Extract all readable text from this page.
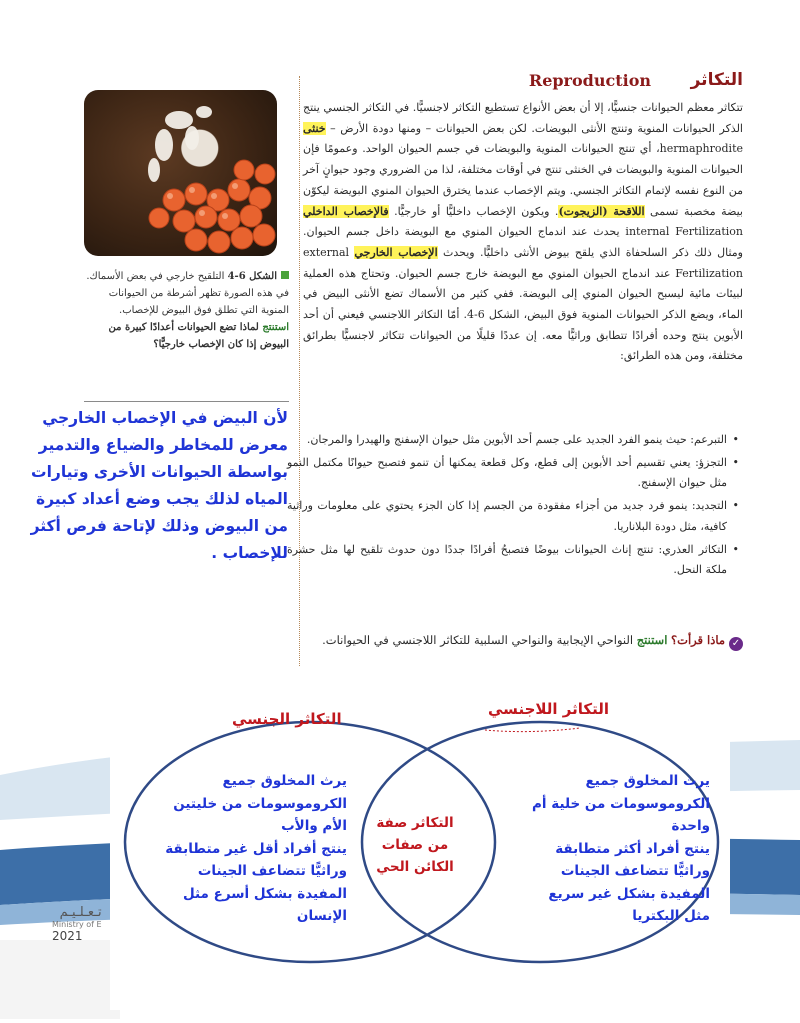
التكاثر
Reproduction
تتكاثر معظم الحيوانات جنسيًّا، إلا أن بعض الأنواع تستطيع التكاثر لاجنسيًّا. في التكاثر الجنسي ينتج الذكر الحيوانات المنوية وتنتج الأنثى البويضات. لكن بعض الحيوانات – ومنها دودة الأرض – خنثى hermaphrodite، أي تنتج الحيوانات المنوية والبويضات في جسم الحيوان الواحد. وعمومًا فإن الحيوانات المنوية والبويضات في الخنثى تنتج في أوقات مختلفة، لذا من الضروري وجود حيوانٍ آخر من النوع نفسه لإتمام التكاثر الجنسي. ويتم الإخصاب عندما يخترق الحيوان المنوي البويضة ليكوّن بيضة مخصبة تسمى اللاقحة (الزيجوت). ويكون الإخصاب داخليًّا أو خارجيًّا. فالإخصاب الداخلي internal Fertilization يحدث عند اندماج الحيوان المنوي مع البويضة داخل جسم الحيوان. ومثال ذلك ذكر السلحفاة الذي يلقح بيوض الأنثى داخليًّا. ويحدث الإخصاب الخارجي external Fertilization عند اندماج الحيوان المنوي مع البويضة خارج جسم الحيوان. وتحتاج هذه العملية لبيئات مائية ليسبح الحيوان المنوي إلى البويضة. ففي كثير من الأسماك تضع الأنثى البيض في الماء، ويضع الذكر الحيوانات المنوية فوق البيض، الشكل 6-4. أمّا التكاثر اللاجنسي فيعني أن أحد الأبوين ينتج وحده أفرادًا تتطابق وراثيًّا معه. إن عددًا قليلًا من الحيوانات تتكاثر لاجنسيًّا بطرائق مختلفة، ومن هذه الطرائق:
• التبرعم: حيث ينمو الفرد الجديد على جسم أحد الأبوين مثل حيوان الإسفنج والهيدرا والمرجان.
• التجزؤ: يعني تقسيم أحد الأبوين إلى قطع، وكل قطعة يمكنها أن تنمو فتصبح حيوانًا مكتمل النمو مثل حيوان الإسفنج.
• التجديد: ينمو فرد جديد من أجزاء مفقودة من الجسم إذا كان الجزء يحتوي على معلومات وراثية كافية، مثل دودة البلاناريا.
• التكاثر العذري: تنتج إناث الحيوانات بيوضًا فتصبحُ أفرادًا جددًا دون حدوث تلقيح لها مثل حشرة ملكة النحل.
✓ماذا قرأت؟ استنتج النواحي الإيجابية والنواحي السلبية للتكاثر اللاجنسي في الحيوانات.
الشكل 6-4 التلقيح خارجي في بعض الأسماك. في هذه الصورة تظهر أشرطة من الحيوانات المنوية التي تطلق فوق البيوض للإخصاب.
استنتج لماذا تضع الحيوانات أعدادًا كبيرة من البيوض إذا كان الإخصاب خارجيًّا؟
لأن البيض في الإخصاب الخارجي معرض للمخاطر والضياع والتدمير بواسطة الحيوانات الأخرى وتيارات المياه لذلك يجب وضع أعداد كبيرة من البيوض وذلك لإتاحة فرص أكثر للإخصاب .
تـعـلـيـم
Ministry of E
2021
التكاثر الجنسي
التكاثر اللاجنسي
يرث المخلوق جميع
الكروموسومات من خليتين
الأم والأب
ينتج أفراد أقل غير متطابقة
وراثيًّا تتضاعف الجينات
المفيدة بشكل أسرع مثل
الإنسان
التكاثر صفة
من صفات
الكائن الحي
يرث المخلوق جميع
الكروموسومات من خلية أم
واحدة
ينتج أفراد أكثر متطابقة
وراثيًّا تتضاعف الجينات
المفيدة بشكل غير سريع
مثل البكتريا
